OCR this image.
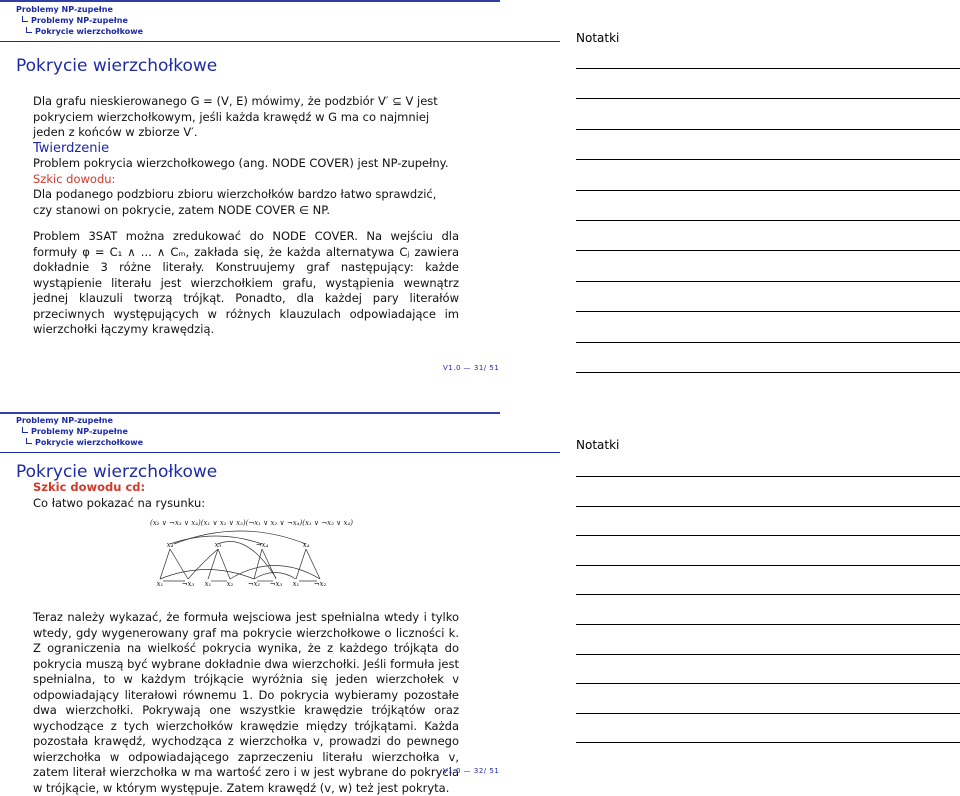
Problemy NP-zupełne
Problemy NP-zupełne
Pokrycie wierzchołkowe
Pokrycie wierzchołkowe

Dla grafu nieskierowanego G = (V, E) mówimy, że podzbiór V′ ⊆ V jest pokryciem wierzchołkowym, jeśli każda krawędź w G ma co najmniej jeden z końców w zbiorze V′.

Twierdzenie

Problem pokrycia wierzchołkowego (ang. NODE COVER) jest NP-zupełny.

Szkic dowodu:

Dla podanego podzbioru zbioru wierzchołków bardzo łatwo sprawdzić, czy stanowi on pokrycie, zatem NODE COVER ∈ NP.

Problem 3SAT można zredukować do NODE COVER. Na wejściu dla formuły φ = C₁ ∧ ... ∧ Cₘ, zakłada się, że każda alternatywa Cⱼ zawiera dokładnie 3 różne literały. Konstruujemy graf następujący: każde wystąpienie literału jest wierzchołkiem grafu, wystąpienia wewnątrz jednej klauzuli tworzą trójkąt. Ponadto, dla każdej pary literałów przeciwnych występujących w różnych klauzulach odpowiadające im wierzchołki łączymy krawędzią.

V1.0 — 31/ 51
Problemy NP-zupełne
Problemy NP-zupełne
Pokrycie wierzchołkowe
Pokrycie wierzchołkowe
Szkic dowodu cd:
Co łatwo pokazać na rysunku:
(x₂ ∨ ¬x₃ ∨ x₄)(x₁ ∨ x₂ ∨ x₃)(¬x₁ ∨ x₂ ∨ ¬x₄)(x₁ ∨ ¬x₂ ∨ x₄)
x₄	x₃	¬x₄	x₄
x₁	¬x₃ x₁ x₂ ¬x₁ ¬x₃ x₁ ¬x₂
Teraz należy wykazać, że formuła wejsciowa jest spełnialna wtedy i tylko wtedy, gdy wygenerowany graf ma pokrycie wierzchołkowe o liczności k. Z ograniczenia na wielkość pokrycia wynika, że z każdego trójkąta do pokrycia muszą być wybrane dokładnie dwa wierzchołki. Jeśli formuła jest spełnialna, to w każdym trójkącie wyróżnia się jeden wierzchołek v odpowiadający literałowi równemu 1. Do pokrycia wybieramy pozostałe dwa wierzchołki. Pokrywają one wszystkie krawędzie trójkątów oraz wychodzące z tych wierzchołków krawędzie między trójkątami. Każda pozostała krawędź, wychodząca z wierzchołka v, prowadzi do pewnego wierzchołka w odpowiadającego zaprzeczeniu literału wierzchołka v, zatem literał wierzchołka w ma wartość zero i w jest wybrane do pokrycia w trójkącie, w którym występuje. Zatem krawędź (v, w) też jest pokryta.
V1.0 — 32/ 51
Notatki
Notatki
